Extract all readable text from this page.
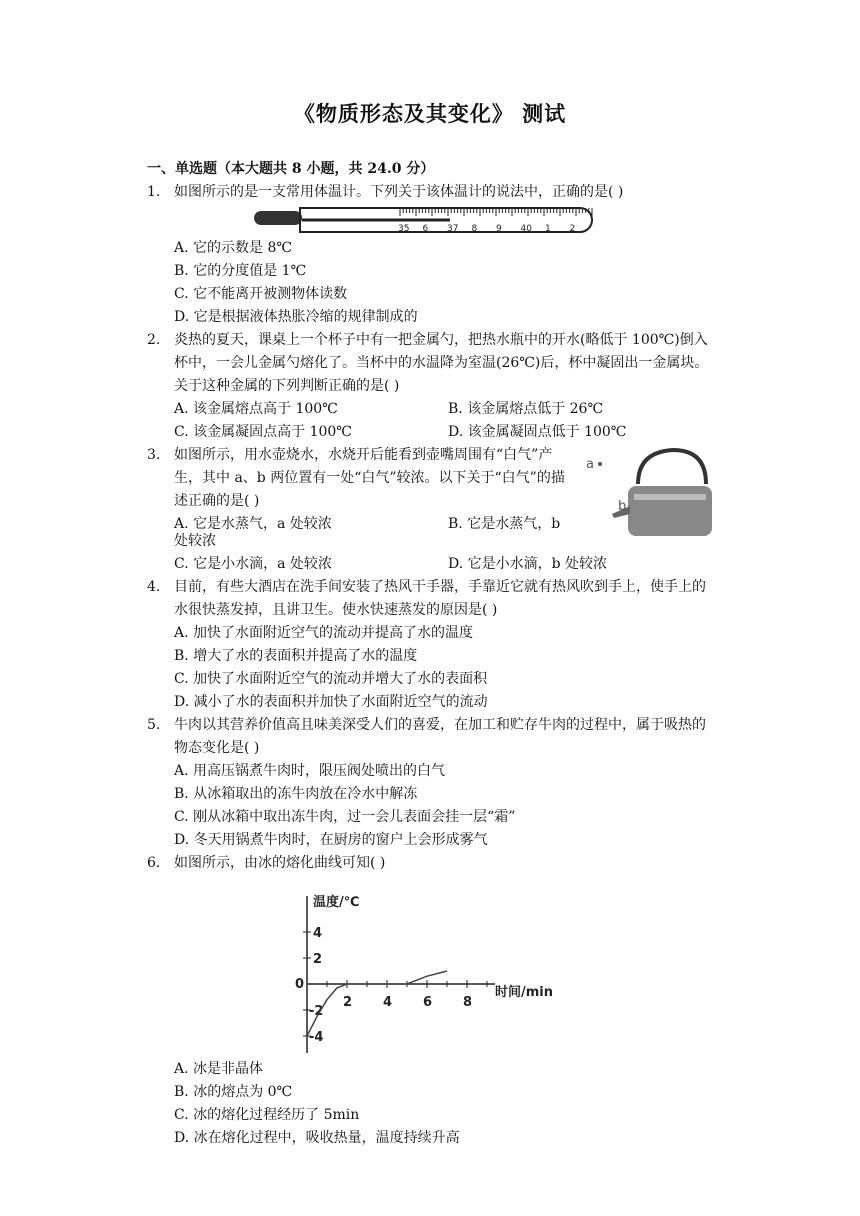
《物质形态及其变化》 测试
一、单选题（本大题共 8 小题，共 24.0 分）
1. 如图所示的是一支常用体温计。下列关于该体温计的说法中，正确的是( )
35 6 37 8 9 40 1 2
A. 它的示数是 8℃
B. 它的分度值是 1℃
C. 它不能离开被测物体读数
D. 它是根据液体热胀冷缩的规律制成的
2. 炎热的夏天，课桌上一个杯子中有一把金属勺，把热水瓶中的开水(略低于 100℃)倒入杯中，一会儿金属勺熔化了。当杯中的水温降为室温(26℃)后，杯中凝固出一金属块。关于这种金属的下列判断正确的是( )
A. 该金属熔点高于 100℃	B. 该金属熔点低于 26℃
C. 该金属凝固点高于 100℃	D. 该金属凝固点低于 100℃
3. 如图所示，用水壶烧水，水烧开后能看到壶嘴周围有“白气”产生，其中 a、b 两位置有一处“白气”较浓。以下关于“白气”的描述正确的是( )
a
b
A. 它是水蒸气，a 处较浓	B. 它是水蒸气，b
处较浓
C. 它是小水滴，a 处较浓	D. 它是小水滴，b 处较浓
4. 目前，有些大酒店在洗手间安装了热风干手器，手靠近它就有热风吹到手上，使手上的水很快蒸发掉，且讲卫生。使水快速蒸发的原因是( )
A. 加快了水面附近空气的流动并提高了水的温度
B. 增大了水的表面积并提高了水的温度
C. 加快了水面附近空气的流动并增大了水的表面积
D. 减小了水的表面积并加快了水面附近空气的流动
5. 牛肉以其营养价值高且味美深受人们的喜爱，在加工和贮存牛肉的过程中，属于吸热的物态变化是( )
A. 用高压锅煮牛肉时，限压阀处喷出的白气
B. 从冰箱取出的冻牛肉放在冷水中解冻
C. 刚从冰箱中取出冻牛肉，过一会儿表面会挂一层“霜”
D. 冬天用锅煮牛肉时，在厨房的窗户上会形成雾气
6. 如图所示，由冰的熔化曲线可知( )
温度/℃
时间/min
0
2 4 6 8
4
2
-2
-4
A. 冰是非晶体
B. 冰的熔点为 0℃
C. 冰的熔化过程经历了 5min
D. 冰在熔化过程中，吸收热量，温度持续升高
